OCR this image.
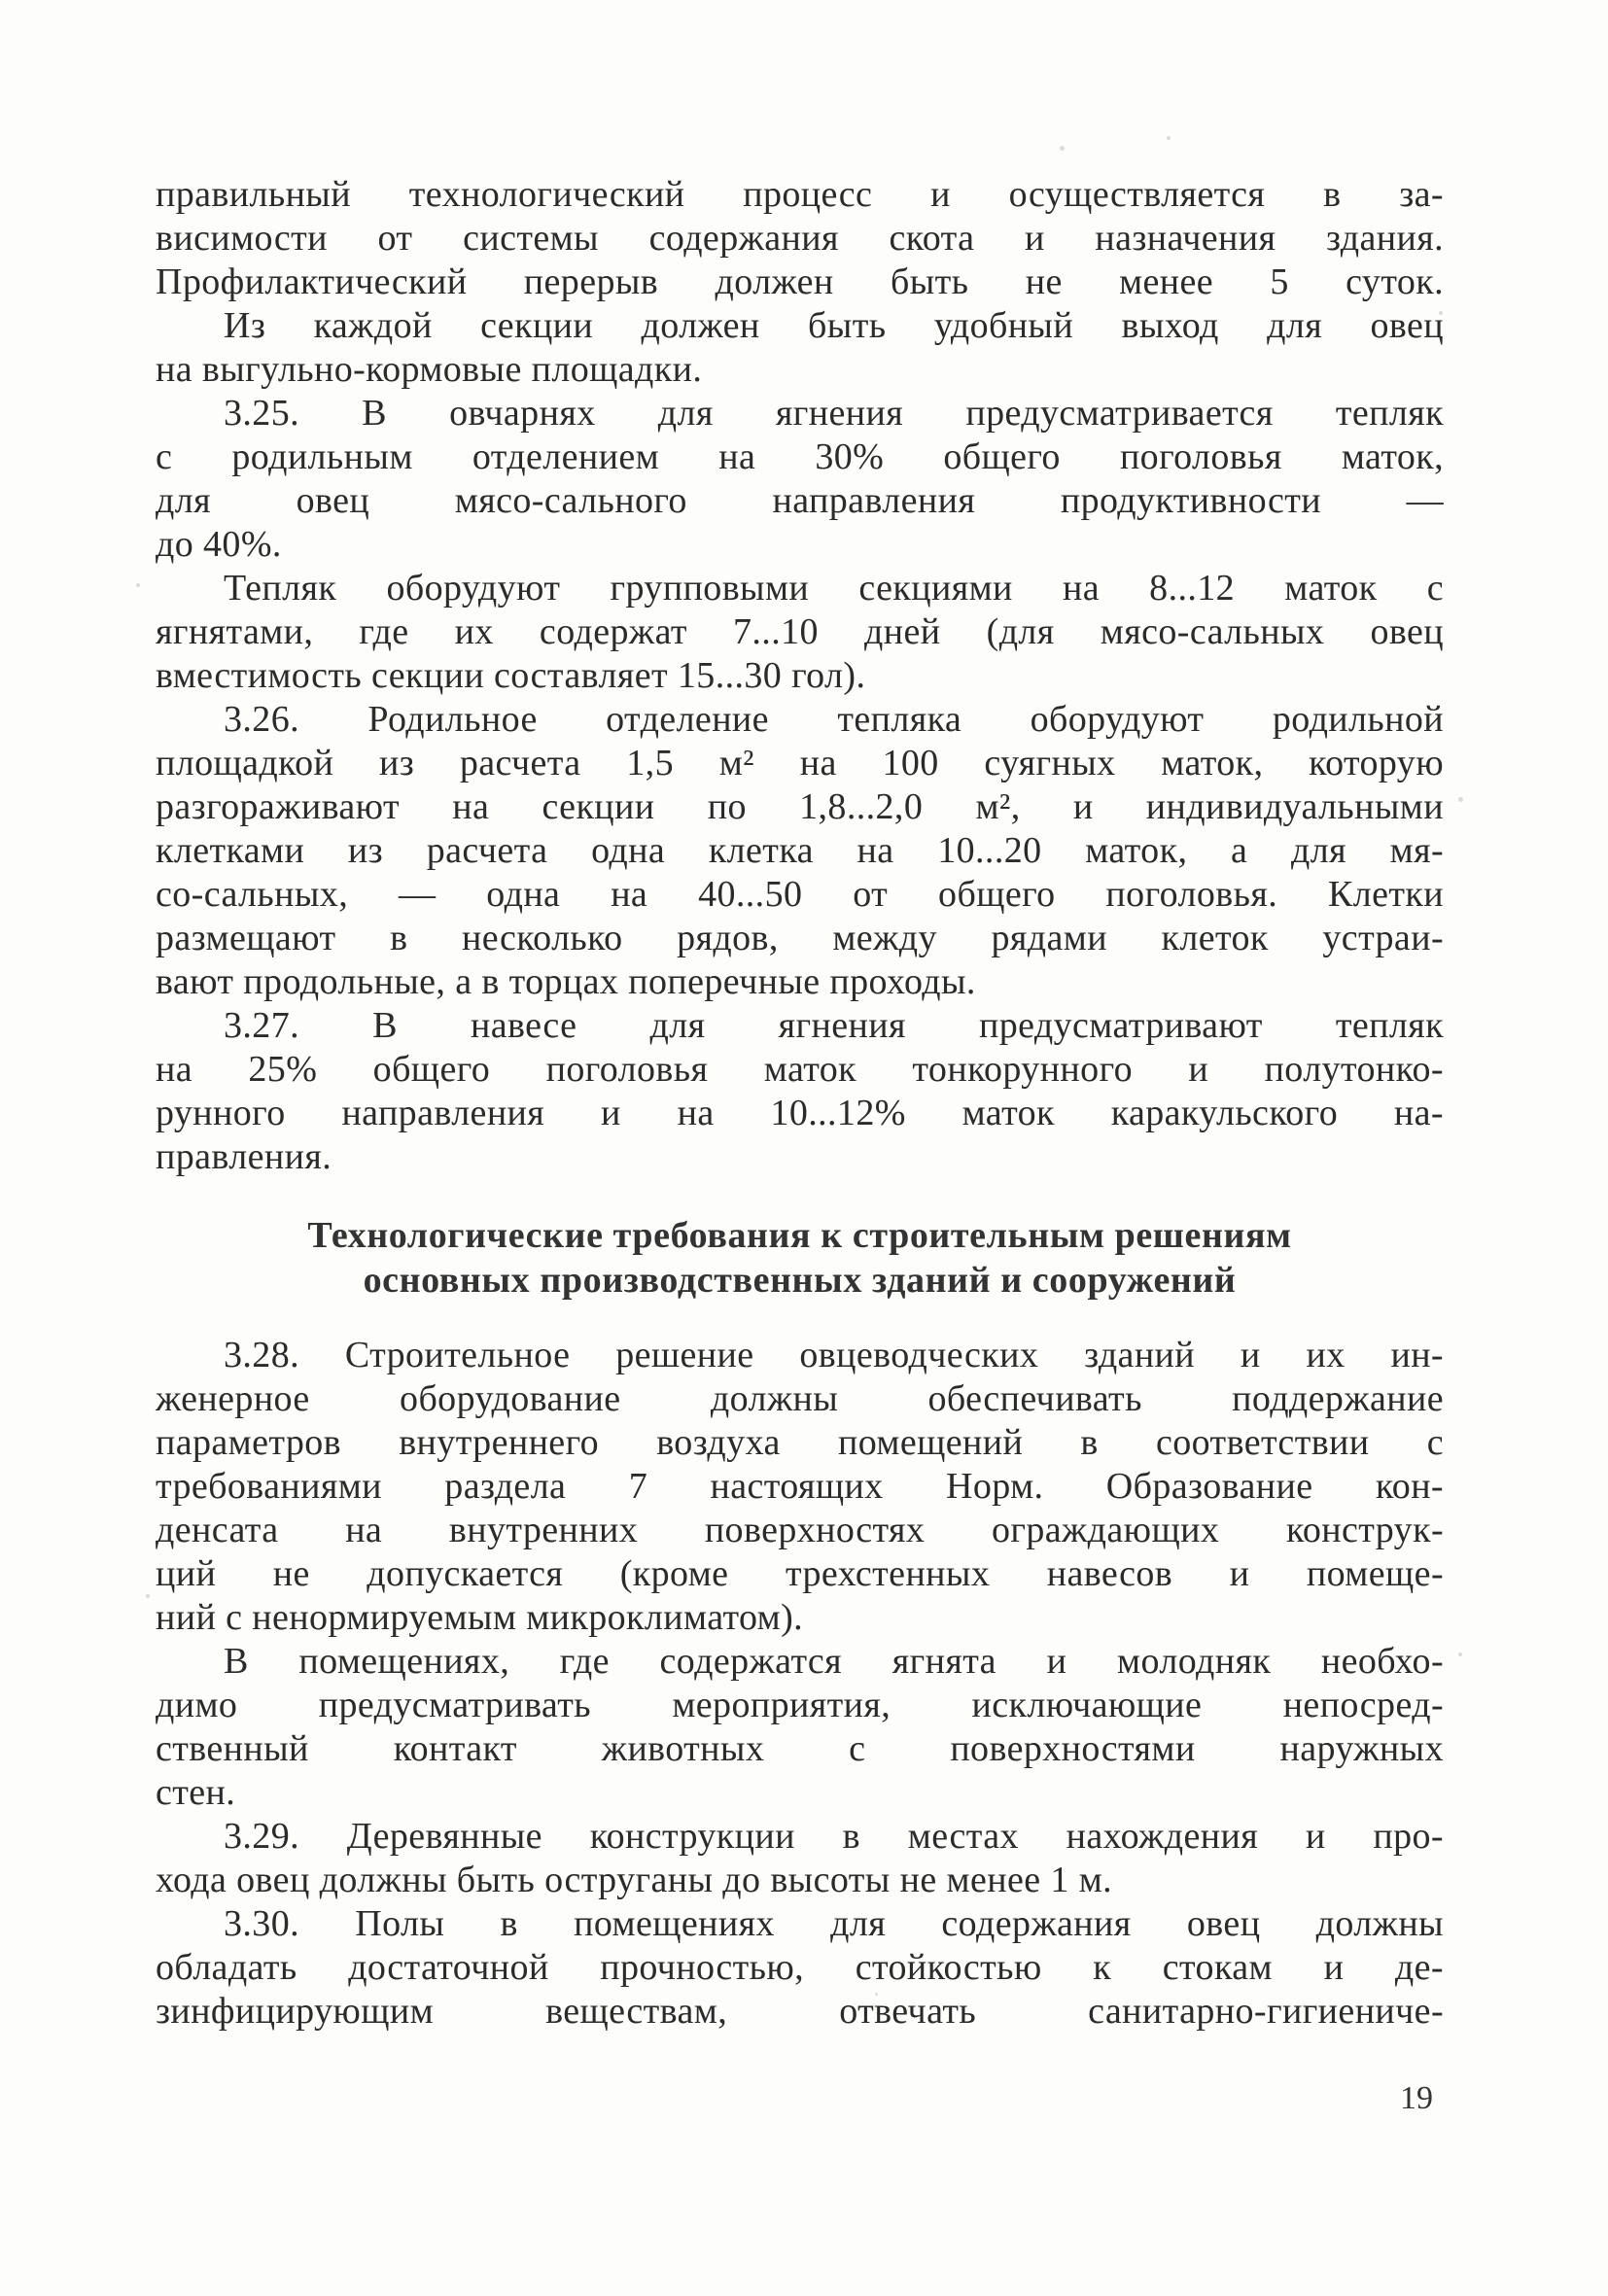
правильный технологический процесс и осуществляется в за-
висимости от системы содержания скота и назначения здания.
Профилактический перерыв должен быть не менее 5 суток.
Из каждой секции должен быть удобный выход для овец
на выгульно-кормовые площадки.
3.25. В овчарнях для ягнения предусматривается тепляк
с родильным отделением на 30% общего поголовья маток,
для овец мясо-сального направления продуктивности —
до 40%.
Тепляк оборудуют групповыми секциями на 8...12 маток с
ягнятами, где их содержат 7...10 дней (для мясо-сальных овец
вместимость секции составляет 15...30 гол).
3.26. Родильное отделение тепляка оборудуют родильной
площадкой из расчета 1,5 м² на 100 суягных маток, которую
разгораживают на секции по 1,8...2,0 м², и индивидуальными
клетками из расчета одна клетка на 10...20 маток, а для мя-
со-сальных, — одна на 40...50 от общего поголовья. Клетки
размещают в несколько рядов, между рядами клеток устраи-
вают продольные, а в торцах поперечные проходы.
3.27. В навесе для ягнения предусматривают тепляк
на 25% общего поголовья маток тонкорунного и полутонко-
рунного направления и на 10...12% маток каракульского на-
правления.
Технологические требования к строительным решениям
основных производственных зданий и сооружений
3.28. Строительное решение овцеводческих зданий и их ин-
женерное оборудование должны обеспечивать поддержание
параметров внутреннего воздуха помещений в соответствии с
требованиями раздела 7 настоящих Норм. Образование кон-
денсата на внутренних поверхностях ограждающих конструк-
ций не допускается (кроме трехстенных навесов и помеще-
ний с ненормируемым микроклиматом).
В помещениях, где содержатся ягнята и молодняк необхо-
димо предусматривать мероприятия, исключающие непосред-
ственный контакт животных с поверхностями наружных
стен.
3.29. Деревянные конструкции в местах нахождения и про-
хода овец должны быть оструганы до высоты не менее 1 м.
3.30. Полы в помещениях для содержания овец должны
обладать достаточной прочностью, стойкостью к стокам и де-
зинфицирующим веществам, отвечать санитарно-гигиениче-
19
